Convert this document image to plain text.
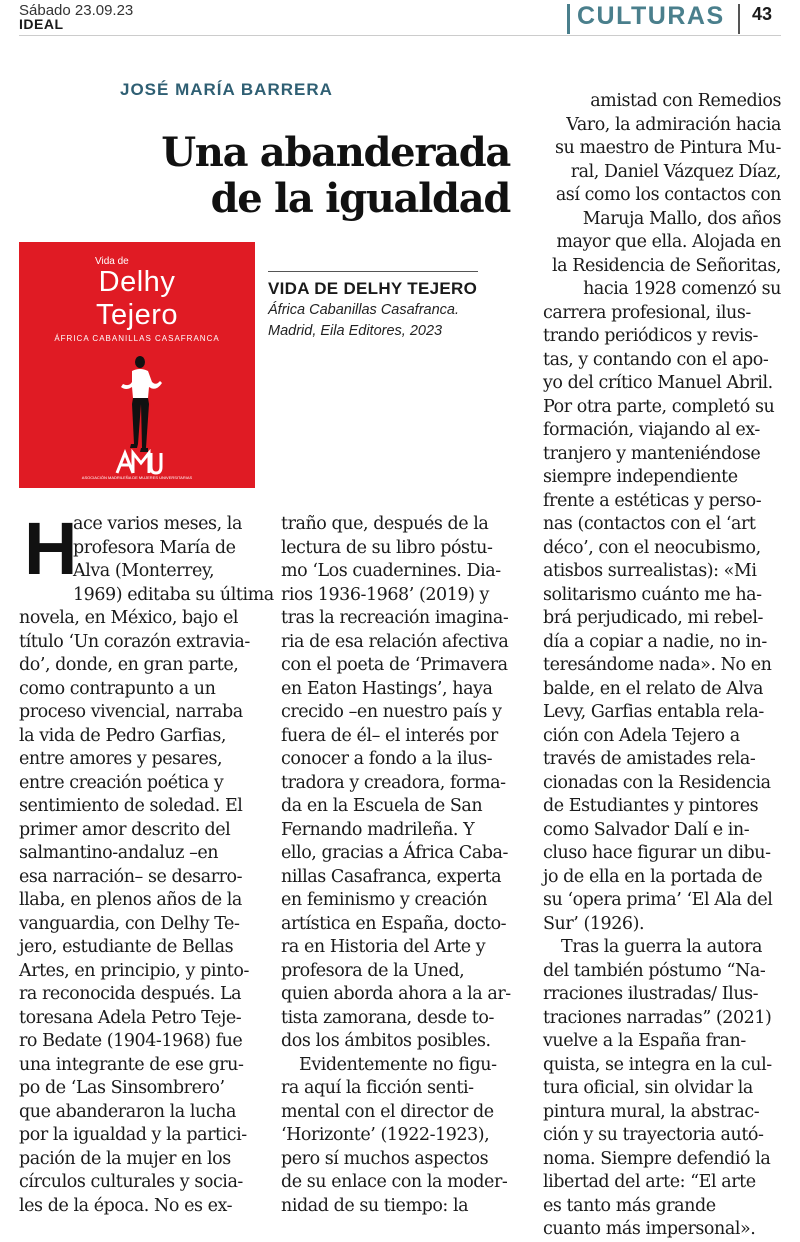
Sábado 23.09.23
IDEAL	CULTURAS 43
JOSÉ MARÍA BARRERA
Una abanderada
de la igualdad
Vida de
Delhy
Tejero
ÁFRICA CABANILLAS CASAFRANCA
ASOCIACIÓN MADRILEÑA DE MUJERES UNIVERSITARIAS
VIDA DE DELHY TEJERO
África Cabanillas Casafranca.
Madrid, Eila Editores, 2023
H
ace varios meses, la
profesora María de
Alva (Monterrey,
1969) editaba su última
novela, en México, bajo el
título ‘Un corazón extravia-
do’, donde, en gran parte,
como contrapunto a un
proceso vivencial, narraba
la vida de Pedro Garfias,
entre amores y pesares,
entre creación poética y
sentimiento de soledad. El
primer amor descrito del
salmantino-andaluz –en
esa narración– se desarro-
llaba, en plenos años de la
vanguardia, con Delhy Te-
jero, estudiante de Bellas
Artes, en principio, y pinto-
ra reconocida después. La
toresana Adela Petro Teje-
ro Bedate (1904-1968) fue
una integrante de ese gru-
po de ‘Las Sinsombrero’
que abanderaron la lucha
por la igualdad y la partici-
pación de la mujer en los
círculos culturales y socia-
les de la época. No es ex-
traño que, después de la
lectura de su libro póstu-
mo ‘Los cuadernines. Dia-
rios 1936-1968’ (2019) y
tras la recreación imagina-
ria de esa relación afectiva
con el poeta de ‘Primavera
en Eaton Hastings’, haya
crecido –en nuestro país y
fuera de él– el interés por
conocer a fondo a la ilus-
tradora y creadora, forma-
da en la Escuela de San
Fernando madrileña. Y
ello, gracias a África Caba-
nillas Casafranca, experta
en feminismo y creación
artística en España, docto-
ra en Historia del Arte y
profesora de la Uned,
quien aborda ahora a la ar-
tista zamorana, desde to-
dos los ámbitos posibles.
Evidentemente no figu-
ra aquí la ficción senti-
mental con el director de
‘Horizonte’ (1922-1923),
pero sí muchos aspectos
de su enlace con la moder-
nidad de su tiempo: la
amistad con Remedios
Varo, la admiración hacia
su maestro de Pintura Mu-
ral, Daniel Vázquez Díaz,
así como los contactos con
Maruja Mallo, dos años
mayor que ella. Alojada en
la Residencia de Señoritas,
hacia 1928 comenzó su
carrera profesional, ilus-
trando periódicos y revis-
tas, y contando con el apo-
yo del crítico Manuel Abril.
Por otra parte, completó su
formación, viajando al ex-
tranjero y manteniéndose
siempre independiente
frente a estéticas y perso-
nas (contactos con el ‘art
déco’, con el neocubismo,
atisbos surrealistas): «Mi
solitarismo cuánto me ha-
brá perjudicado, mi rebel-
día a copiar a nadie, no in-
teresándome nada». No en
balde, en el relato de Alva
Levy, Garfias entabla rela-
ción con Adela Tejero a
través de amistades rela-
cionadas con la Residencia
de Estudiantes y pintores
como Salvador Dalí e in-
cluso hace figurar un dibu-
jo de ella en la portada de
su ‘opera prima’ ‘El Ala del
Sur’ (1926).
Tras la guerra la autora
del también póstumo “Na-
rraciones ilustradas/ Ilus-
traciones narradas” (2021)
vuelve a la España fran-
quista, se integra en la cul-
tura oficial, sin olvidar la
pintura mural, la abstrac-
ción y su trayectoria autó-
noma. Siempre defendió la
libertad del arte: “El arte
es tanto más grande
cuanto más impersonal».
